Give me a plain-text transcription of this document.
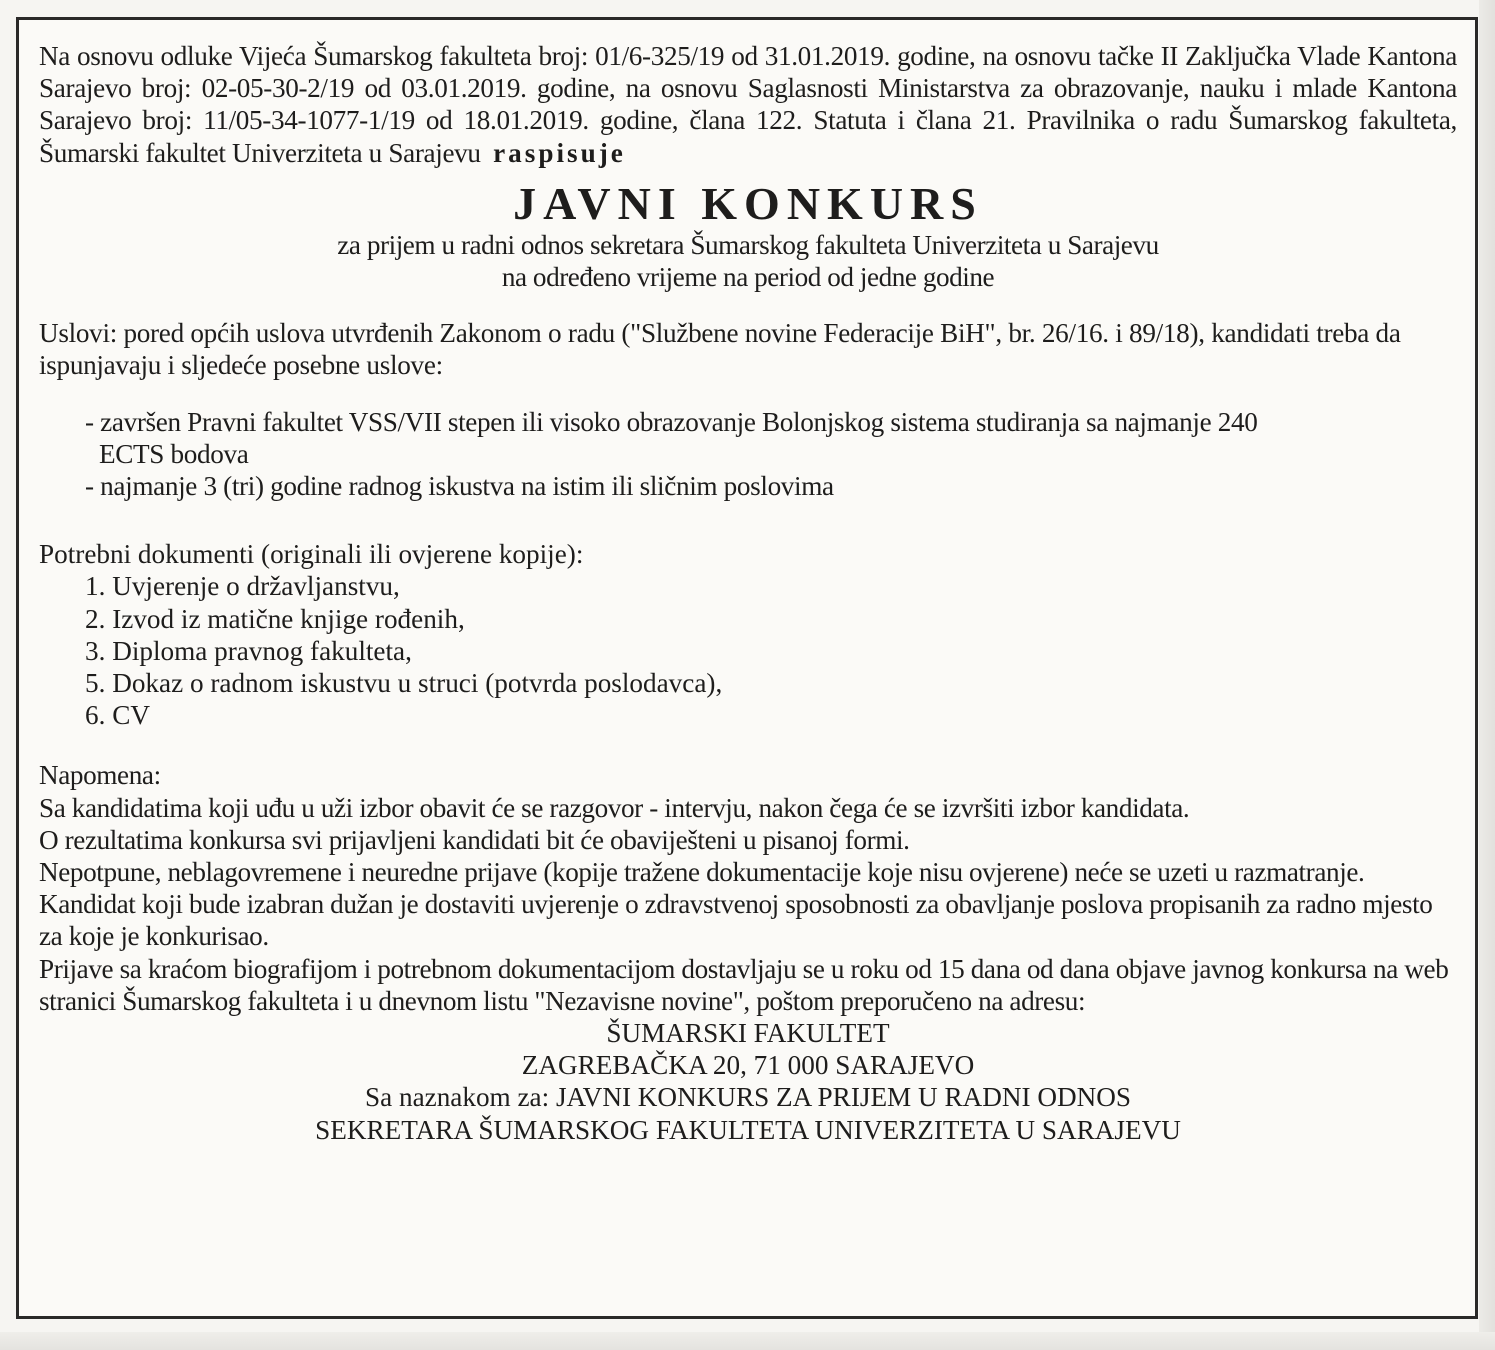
Na osnovu odluke Vijeća Šumarskog fakulteta broj: 01/6-325/19 od 31.01.2019. godine, na osnovu tačke II Zaključka Vlade Kantona Sarajevo broj: 02-05-30-2/19 od 03.01.2019. godine, na osnovu Saglasnosti Ministarstva za obrazovanje, nauku i mlade Kantona Sarajevo broj: 11/05-34-1077-1/19 od 18.01.2019. godine, člana 122. Statuta i člana 21. Pravilnika o radu Šumarskog fakulteta, Šumarski fakultet Univerziteta u Sarajevu raspisuje

JAVNI KONKURS

za prijem u radni odnos sekretara Šumarskog fakulteta Univerziteta u Sarajevu

na određeno vrijeme na period od jedne godine

Uslovi: pored općih uslova utvrđenih Zakonom o radu ("Službene novine Federacije BiH", br. 26/16. i 89/18), kandidati treba da ispunjavaju i sljedeće posebne uslove:

- završen Pravni fakultet VSS/VII stepen ili visoko obrazovanje Bolonjskog sistema studiranja sa najmanje 240

ECTS bodova

- najmanje 3 (tri) godine radnog iskustva na istim ili sličnim poslovima

Potrebni dokumenti (originali ili ovjerene kopije):

1. Uvjerenje o državljanstvu,

2. Izvod iz matične knjige rođenih,

3. Diploma pravnog fakulteta,

5. Dokaz o radnom iskustvu u struci (potvrda poslodavca),

6. CV

Napomena:

Sa kandidatima koji uđu u uži izbor obavit će se razgovor - intervju, nakon čega će se izvršiti izbor kandidata.

O rezultatima konkursa svi prijavljeni kandidati bit će obaviješteni u pisanoj formi.

Nepotpune, neblagovremene i neuredne prijave (kopije tražene dokumentacije koje nisu ovjerene) neće se uzeti u razmatranje.

Kandidat koji bude izabran dužan je dostaviti uvjerenje o zdravstvenoj sposobnosti za obavljanje poslova propisanih za radno mjesto za koje je konkurisao.

Prijave sa kraćom biografijom i potrebnom dokumentacijom dostavljaju se u roku od 15 dana od dana objave javnog konkursa na web stranici Šumarskog fakulteta i u dnevnom listu "Nezavisne novine", poštom preporučeno na adresu:

ŠUMARSKI FAKULTET

ZAGREBAČKA 20, 71 000 SARAJEVO

Sa naznakom za: JAVNI KONKURS ZA PRIJEM U RADNI ODNOS

SEKRETARA ŠUMARSKOG FAKULTETA UNIVERZITETA U SARAJEVU
